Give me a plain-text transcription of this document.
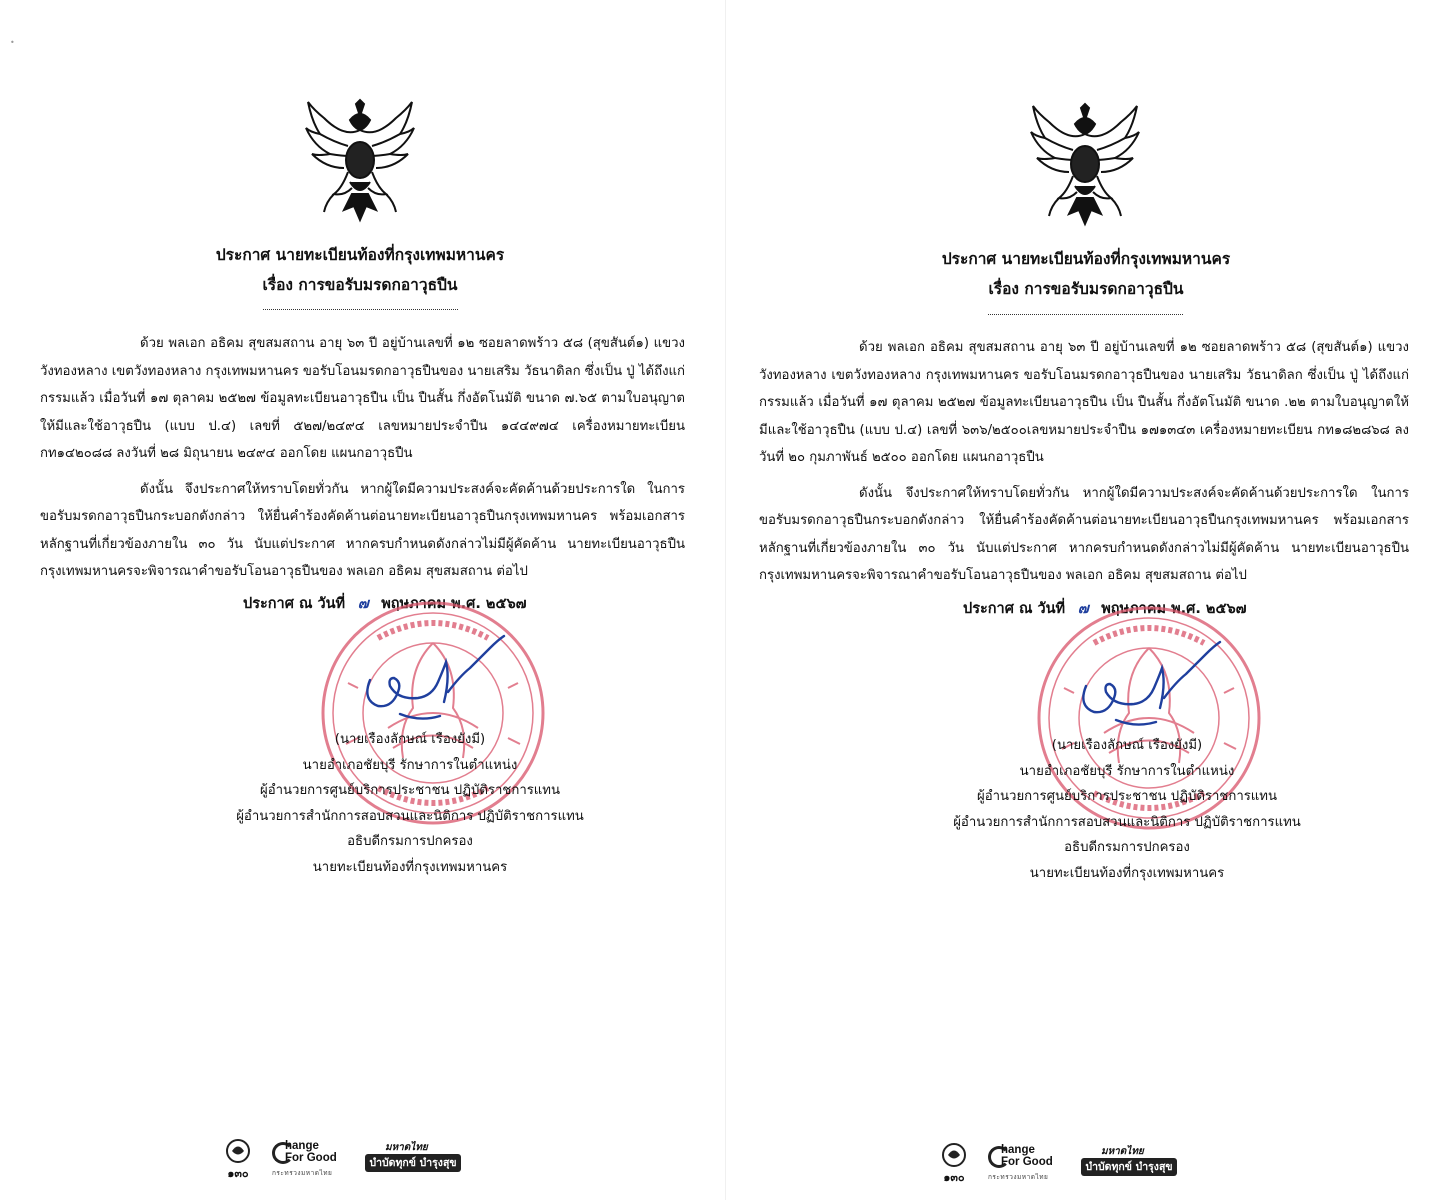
•
ประกาศ นายทะเบียนท้องที่กรุงเทพมหานคร
เรื่อง การขอรับมรดกอาวุธปืน

ด้วย พลเอก อธิคม สุขสมสถาน อายุ ๖๓ ปี อยู่บ้านเลขที่ ๑๒ ซอยลาดพร้าว ๕๘ (สุขสันต์๑) แขวงวังทองหลาง เขตวังทองหลาง กรุงเทพมหานคร ขอรับโอนมรดกอาวุธปืนของ นายเสริม วัธนาดิลก ซึ่งเป็น ปู่ ได้ถึงแก่กรรมแล้ว เมื่อวันที่ ๑๗ ตุลาคม ๒๕๒๗ ข้อมูลทะเบียนอาวุธปืน เป็น ปืนสั้น กึ่งอัตโนมัติ ขนาด ๗.๖๕ ตามใบอนุญาตให้มีและใช้อาวุธปืน (แบบ ป.๔) เลขที่ ๕๒๗/๒๔๙๔ เลขหมายประจำปืน ๑๔๔๙๗๔ เครื่องหมายทะเบียน กท๑๔๒๐๘๘ ลงวันที่ ๒๘ มิถุนายน ๒๔๙๔ ออกโดย แผนกอาวุธปืน

ดังนั้น จึงประกาศให้ทราบโดยทั่วกัน หากผู้ใดมีความประสงค์จะคัดค้านด้วยประการใด ในการขอรับมรดกอาวุธปืนกระบอกดังกล่าว ให้ยื่นคำร้องคัดค้านต่อนายทะเบียนอาวุธปืนกรุงเทพมหานคร พร้อมเอกสารหลักฐานที่เกี่ยวข้องภายใน ๓๐ วัน นับแต่ประกาศ หากครบกำหนดดังกล่าวไม่มีผู้คัดค้าน นายทะเบียนอาวุธปืนกรุงเทพมหานครจะพิจารณาคำขอรับโอนอาวุธปืนของ พลเอก อธิคม สุขสมสถาน ต่อไป

ประกาศ ณ วันที่ ๗ พฤษภาคม พ.ศ. ๒๕๖๗
(นายเรืองลักษณ์ เรืองยังมี)
นายอำเภอชัยบุรี รักษาการในตำแหน่ง
ผู้อำนวยการศูนย์บริการประชาชน ปฏิบัติราชการแทน
ผู้อำนวยการสำนักการสอบสวนและนิติการ ปฏิบัติราชการแทน
อธิบดีกรมการปกครอง
นายทะเบียนท้องที่กรุงเทพมหานคร
๑๓๐
hange
For Good
กระทรวงมหาดไทย
มหาดไทย
บำบัดทุกข์ บำรุงสุข
ประกาศ นายทะเบียนท้องที่กรุงเทพมหานคร
เรื่อง การขอรับมรดกอาวุธปืน

ด้วย พลเอก อธิคม สุขสมสถาน อายุ ๖๓ ปี อยู่บ้านเลขที่ ๑๒ ซอยลาดพร้าว ๕๘ (สุขสันต์๑) แขวงวังทองหลาง เขตวังทองหลาง กรุงเทพมหานคร ขอรับโอนมรดกอาวุธปืนของ นายเสริม วัธนาดิลก ซึ่งเป็น ปู่ ได้ถึงแก่กรรมแล้ว เมื่อวันที่ ๑๗ ตุลาคม ๒๕๒๗ ข้อมูลทะเบียนอาวุธปืน เป็น ปืนสั้น กึ่งอัตโนมัติ ขนาด .๒๒ ตามใบอนุญาตให้มีและใช้อาวุธปืน (แบบ ป.๔) เลขที่ ๖๓๖/๒๕๐๐เลขหมายประจำปืน ๑๗๑๓๔๓ เครื่องหมายทะเบียน กท๑๘๒๘๖๘ ลงวันที่ ๒๐ กุมภาพันธ์ ๒๕๐๐ ออกโดย แผนกอาวุธปืน

ดังนั้น จึงประกาศให้ทราบโดยทั่วกัน หากผู้ใดมีความประสงค์จะคัดค้านด้วยประการใด ในการขอรับมรดกอาวุธปืนกระบอกดังกล่าว ให้ยื่นคำร้องคัดค้านต่อนายทะเบียนอาวุธปืนกรุงเทพมหานคร พร้อมเอกสารหลักฐานที่เกี่ยวข้องภายใน ๓๐ วัน นับแต่ประกาศ หากครบกำหนดดังกล่าวไม่มีผู้คัดค้าน นายทะเบียนอาวุธปืนกรุงเทพมหานครจะพิจารณาคำขอรับโอนอาวุธปืนของ พลเอก อธิคม สุขสมสถาน ต่อไป

ประกาศ ณ วันที่ ๗ พฤษภาคม พ.ศ. ๒๕๖๗
(นายเรืองลักษณ์ เรืองยังมี)
นายอำเภอชัยบุรี รักษาการในตำแหน่ง
ผู้อำนวยการศูนย์บริการประชาชน ปฏิบัติราชการแทน
ผู้อำนวยการสำนักการสอบสวนและนิติการ ปฏิบัติราชการแทน
อธิบดีกรมการปกครอง
นายทะเบียนท้องที่กรุงเทพมหานคร
๑๓๐
hange
For Good
กระทรวงมหาดไทย
มหาดไทย
บำบัดทุกข์ บำรุงสุข
